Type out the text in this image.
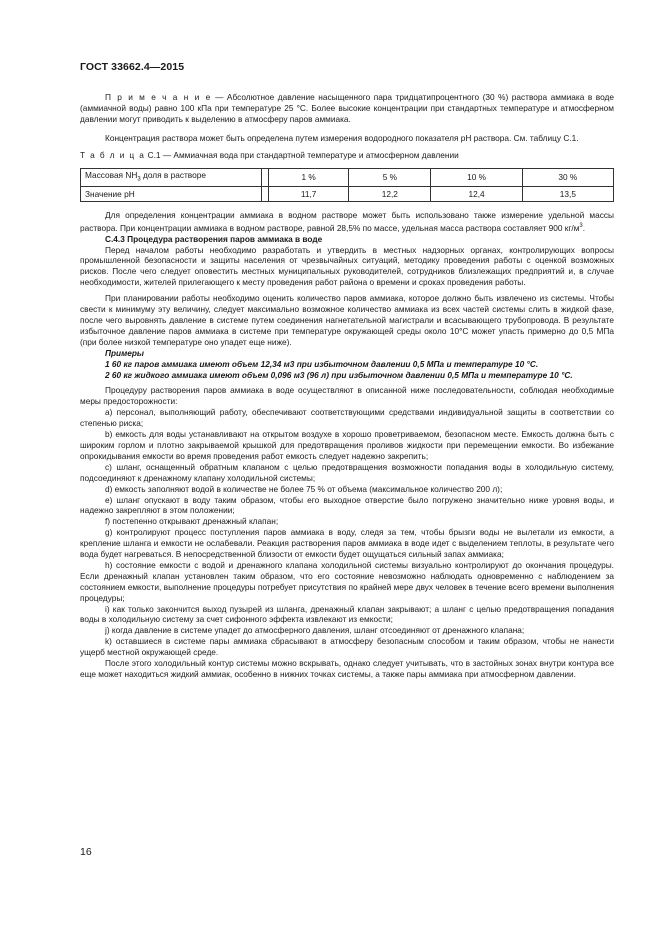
ГОСТ 33662.4—2015

П р и м е ч а н и е — Абсолютное давление насыщенного пара тридцатипроцентного (30 %) раствора аммиака в воде (аммиачной воды) равно 100 кПа при температуре 25 °С. Более высокие концентрации при стандартных температуре и атмосферном давлении могут приводить к выделению в атмосферу паров аммиака.

Концентрация раствора может быть определена путем измерения водородного показателя pH раствора. См. таблицу С.1.

Т а б л и ц а С.1 — Аммиачная вода при стандартной температуре и атмосферном давлении

Массовая $NH_3$ доля в растворе		1 %	5 %	10 %	30 %
Значение pH		11,7	12,2	12,4	13,5

Для определения концентрации аммиака в водном растворе может быть использовано также измерение удельной массы раствора. При концентрации аммиака в водном растворе, равной 28,5% по массе, удельная масса раствора составляет 900 $кг/м^3$.

С.4.3 Процедура растворения паров аммиака в воде

Перед началом работы необходимо разработать и утвердить в местных надзорных органах, контролирующих вопросы промышленной безопасности и защиты населения от чрезвычайных ситуаций, методику проведения работы с оценкой возможных рисков. После чего следует оповестить местных муниципальных руководителей, сотрудников близлежащих предприятий и, в случае необходимости, жителей прилегающего к месту проведения работ района о времени и сроках проведения работы.

При планировании работы необходимо оценить количество паров аммиака, которое должно быть извлечено из системы. Чтобы свести к минимуму эту величину, следует максимально возможное количество аммиака из всех частей системы слить в жидкой фазе, после чего выровнять давление в системе путем соединения нагнетательной магистрали и всасывающего трубопровода. В результате избыточное давление паров аммиака в системе при температуре окружающей среды около 10°С может упасть примерно до 0,5 МПа (при более низкой температуре оно упадет еще ниже).

Примеры

1 60 кг паров аммиака имеют объем 12,34 м3 при избыточном давлении 0,5 МПа и температуре 10 °С.

2 60 кг жидкого аммиака имеют объем 0,096 м3 (96 л) при избыточном давлении 0,5 МПа и температуре 10 °С.

Процедуру растворения паров аммиака в воде осуществляют в описанной ниже последовательности, соблюдая необходимые меры предосторожности:

а) персонал, выполняющий работу, обеспечивают соответствующими средствами индивидуальной защиты в соответствии со степенью риска;

b) емкость для воды устанавливают на открытом воздухе в хорошо проветриваемом, безопасном месте. Емкость должна быть с широким горлом и плотно закрываемой крышкой для предотвращения проливов жидкости при перемещении емкости. Во избежание опрокидывания емкости во время проведения работ емкость следует надежно закрепить;

c) шланг, оснащенный обратным клапаном с целью предотвращения возможности попадания воды в холодильную систему, подсоединяют к дренажному клапану холодильной системы;

d) емкость заполняют водой в количестве не более 75 % от объема (максимальное количество 200 л);

e) шланг опускают в воду таким образом, чтобы его выходное отверстие было погружено значительно ниже уровня воды, и надежно закрепляют в этом положении;

f) постепенно открывают дренажный клапан;

g) контролируют процесс поступления паров аммиака в воду, следя за тем, чтобы брызги воды не вылетали из емкости, а крепление шланга и емкости не ослабевали. Реакция растворения паров аммиака в воде идет с выделением теплоты, в результате чего вода будет нагреваться. В непосредственной близости от емкости будет ощущаться сильный запах аммиака;

h) состояние емкости с водой и дренажного клапана холодильной системы визуально контролируют до окончания процедуры. Если дренажный клапан установлен таким образом, что его состояние невозможно наблюдать одновременно с наблюдением за состоянием емкости, выполнение процедуры потребует присутствия по крайней мере двух человек в течение всего времени выполнения процедуры;

i) как только закончится выход пузырей из шланга, дренажный клапан закрывают; а шланг с целью предотвращения попадания воды в холодильную систему за счет сифонного эффекта извлекают из емкости;

j) когда давление в системе упадет до атмосферного давления, шланг отсоединяют от дренажного клапана;

k) оставшиеся в системе пары аммиака сбрасывают в атмосферу безопасным способом и таким образом, чтобы не нанести ущерб местной окружающей среде.

После этого холодильный контур системы можно вскрывать, однако следует учитывать, что в застойных зонах внутри контура все еще может находиться жидкий аммиак, особенно в нижних точках системы, а также пары аммиака при атмосферном давлении.

16
